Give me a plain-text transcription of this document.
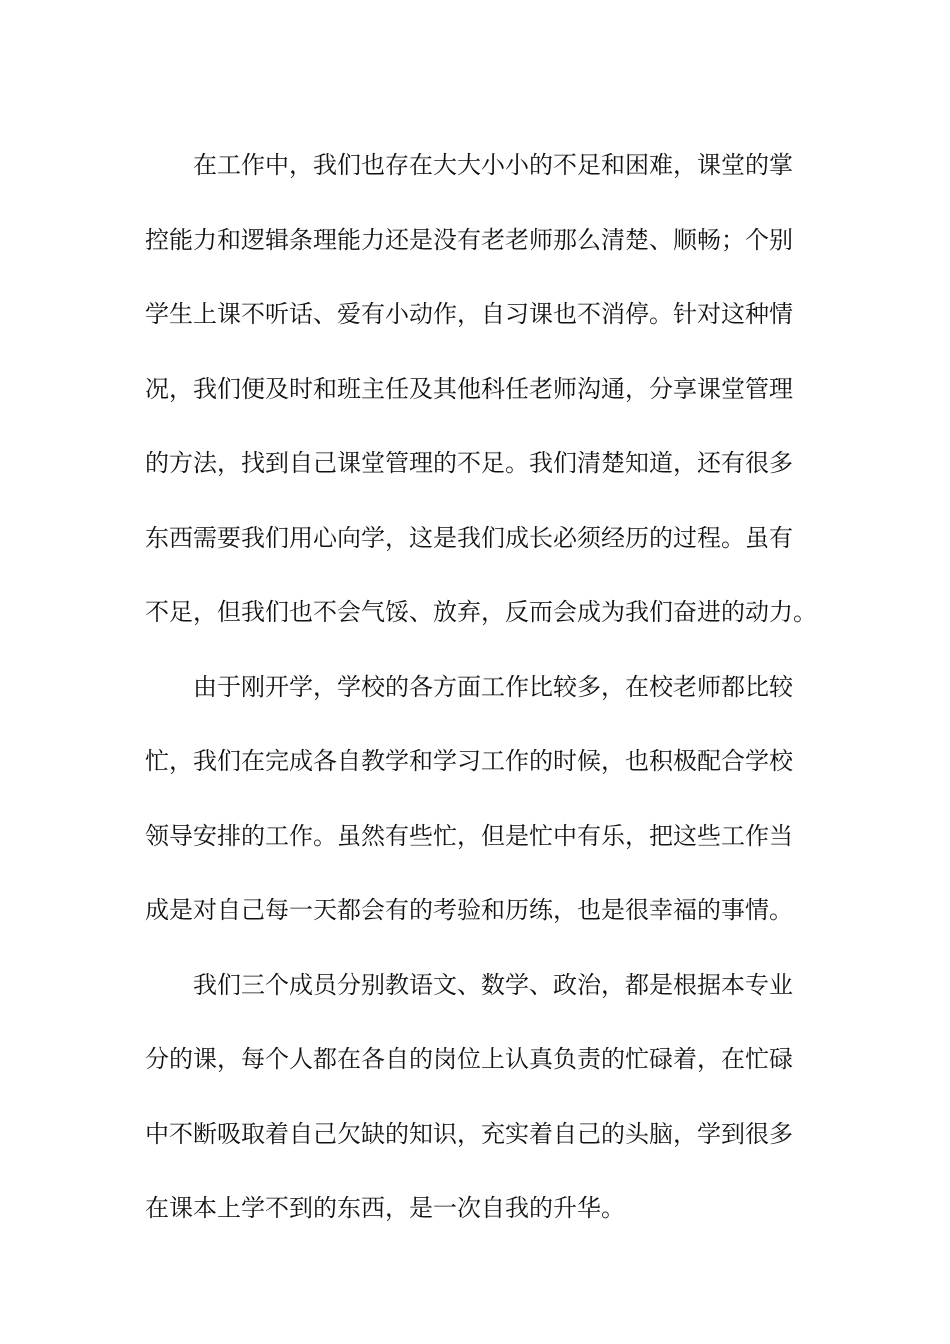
在工作中，我们也存在大大小小的不足和困难，课堂的掌
控能力和逻辑条理能力还是没有老老师那么清楚、顺畅；个别
学生上课不听话、爱有小动作，自习课也不消停。针对这种情
况，我们便及时和班主任及其他科任老师沟通，分享课堂管理
的方法，找到自己课堂管理的不足。我们清楚知道，还有很多
东西需要我们用心向学，这是我们成长必须经历的过程。虽有
不足，但我们也不会气馁、放弃，反而会成为我们奋进的动力。
由于刚开学，学校的各方面工作比较多，在校老师都比较
忙，我们在完成各自教学和学习工作的时候，也积极配合学校
领导安排的工作。虽然有些忙，但是忙中有乐，把这些工作当
成是对自己每一天都会有的考验和历练，也是很幸福的事情。
我们三个成员分别教语文、数学、政治，都是根据本专业
分的课，每个人都在各自的岗位上认真负责的忙碌着，在忙碌
中不断吸取着自己欠缺的知识，充实着自己的头脑，学到很多
在课本上学不到的东西，是一次自我的升华。
